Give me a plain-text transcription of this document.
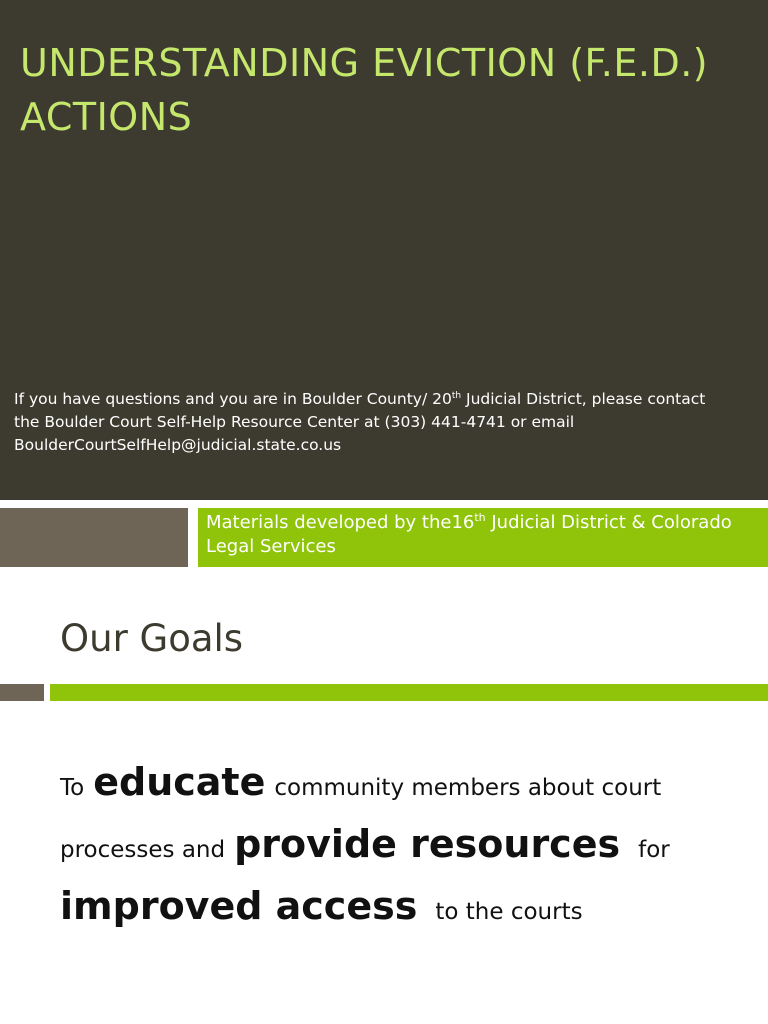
UNDERSTANDING EVICTION (F.E.D.) ACTIONS

If you have questions and you are in Boulder County/ 20th Judicial District, please contact the Boulder Court Self-Help Resource Center at (303) 441-4741 or email BoulderCourtSelfHelp@judicial.state.co.us

Materials developed by the16th Judicial District & Colorado Legal Services

Our Goals
To educate community members about court
processes and provide resources for
improved access to the courts
